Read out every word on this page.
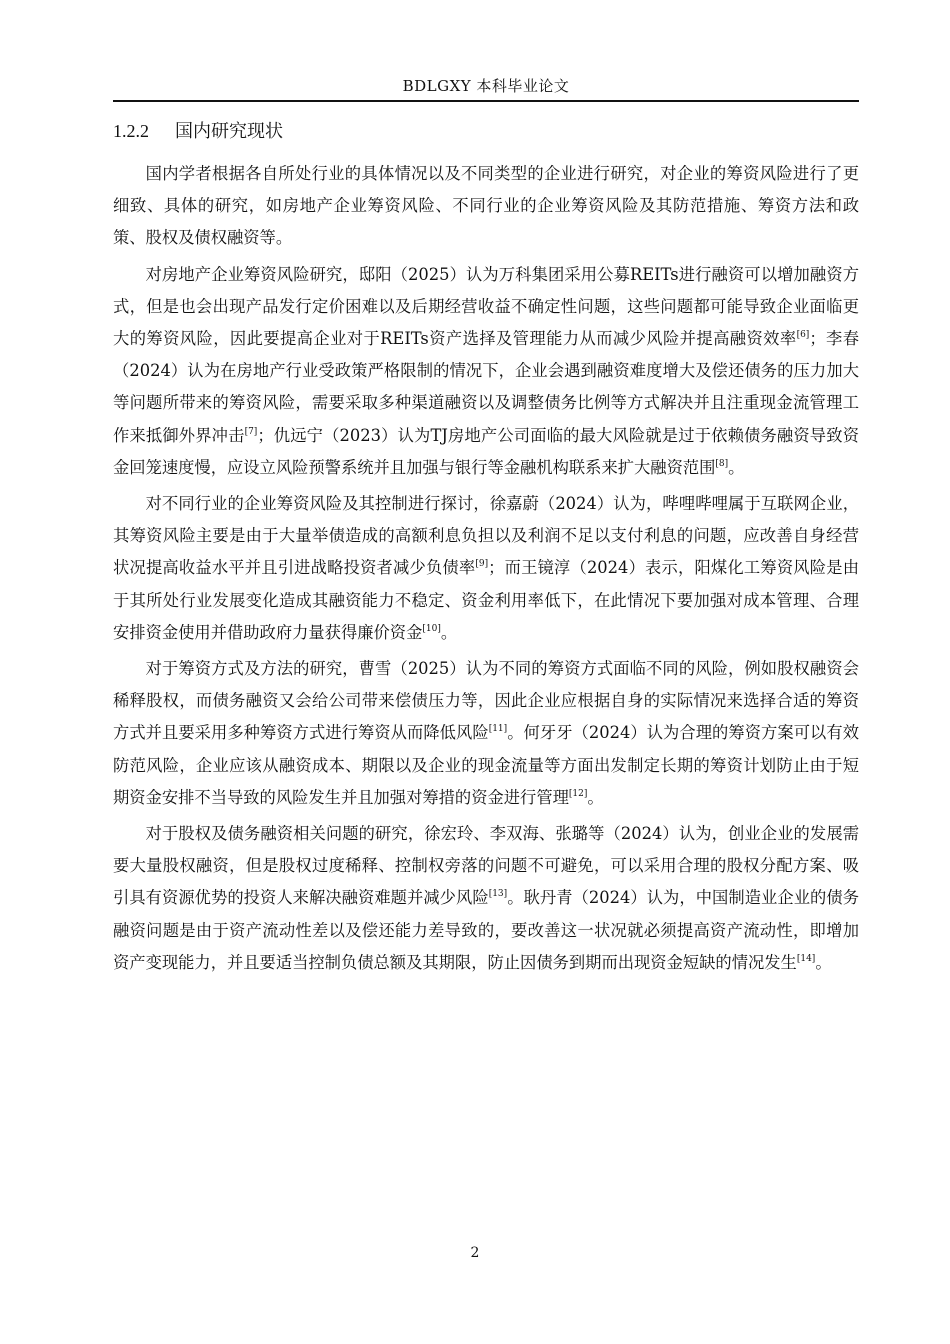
BDLGXY 本科毕业论文
1.2.2 国内研究现状

国内学者根据各自所处行业的具体情况以及不同类型的企业进行研究，对企业的筹资风险进行了更细致、具体的研究，如房地产企业筹资风险、不同行业的企业筹资风险及其防范措施、筹资方法和政策、股权及债权融资等。

对房地产企业筹资风险研究，邸阳（2025）认为万科集团采用公募REITs进行融资可以增加融资方式，但是也会出现产品发行定价困难以及后期经营收益不确定性问题，这些问题都可能导致企业面临更大的筹资风险，因此要提高企业对于REITs资产选择及管理能力从而减少风险并提高融资效率[6]；李春（2024）认为在房地产行业受政策严格限制的情况下，企业会遇到融资难度增大及偿还债务的压力加大等问题所带来的筹资风险，需要采取多种渠道融资以及调整债务比例等方式解决并且注重现金流管理工作来抵御外界冲击[7]；仇远宁（2023）认为TJ房地产公司面临的最大风险就是过于依赖债务融资导致资金回笼速度慢，应设立风险预警系统并且加强与银行等金融机构联系来扩大融资范围[8]。

对不同行业的企业筹资风险及其控制进行探讨，徐嘉蔚（2024）认为，哔哩哔哩属于互联网企业，其筹资风险主要是由于大量举债造成的高额利息负担以及利润不足以支付利息的问题，应改善自身经营状况提高收益水平并且引进战略投资者减少负债率[9]；而王镜淳（2024）表示，阳煤化工筹资风险是由于其所处行业发展变化造成其融资能力不稳定、资金利用率低下，在此情况下要加强对成本管理、合理安排资金使用并借助政府力量获得廉价资金[10]。

对于筹资方式及方法的研究，曹雪（2025）认为不同的筹资方式面临不同的风险，例如股权融资会稀释股权，而债务融资又会给公司带来偿债压力等，因此企业应根据自身的实际情况来选择合适的筹资方式并且要采用多种筹资方式进行筹资从而降低风险[11]。何牙牙（2024）认为合理的筹资方案可以有效防范风险，企业应该从融资成本、期限以及企业的现金流量等方面出发制定长期的筹资计划防止由于短期资金安排不当导致的风险发生并且加强对筹措的资金进行管理[12]。

对于股权及债务融资相关问题的研究，徐宏玲、李双海、张璐等（2024）认为，创业企业的发展需要大量股权融资，但是股权过度稀释、控制权旁落的问题不可避免，可以采用合理的股权分配方案、吸引具有资源优势的投资人来解决融资难题并减少风险[13]。耿丹青（2024）认为，中国制造业企业的债务融资问题是由于资产流动性差以及偿还能力差导致的，要改善这一状况就必须提高资产流动性，即增加资产变现能力，并且要适当控制负债总额及其期限，防止因债务到期而出现资金短缺的情况发生[14]。

2
